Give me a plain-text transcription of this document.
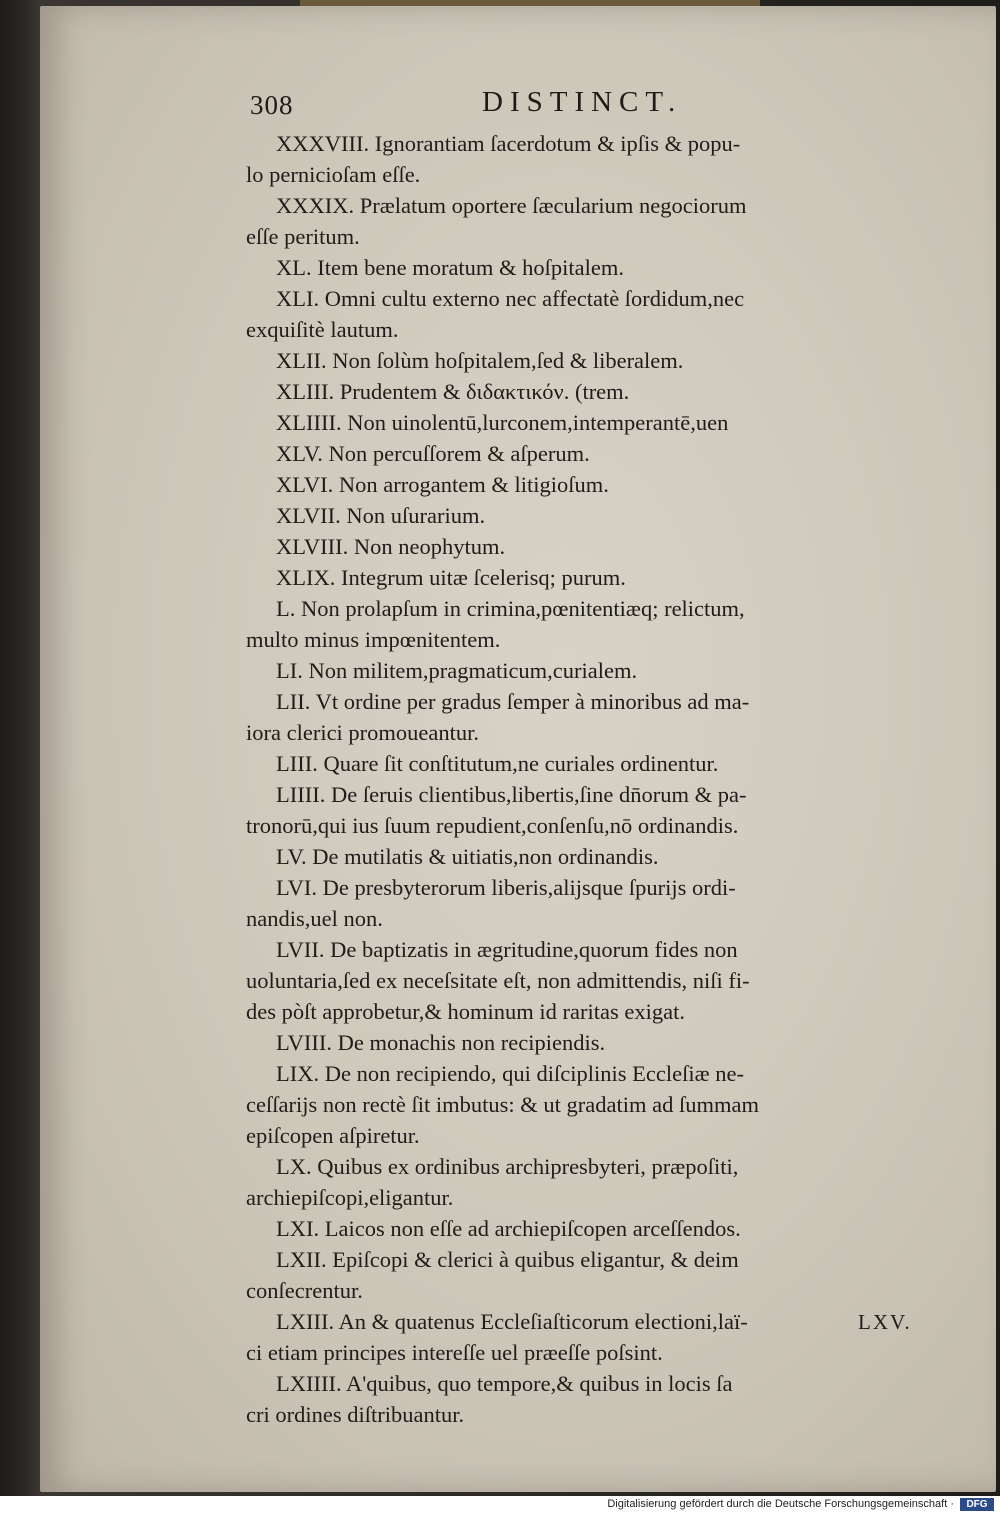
308	DISTINCT.
XXXVIII. Ignorantiam ſacerdotum & ipſis & popu-
lo pernicioſam eſſe.
XXXIX. Prælatum oportere ſæcularium negociorum
eſſe peritum.
XL. Item bene moratum & hoſpitalem.
XLI. Omni cultu externo nec affectatè ſordidum,nec
exquiſitè lautum.
XLII. Non ſolùm hoſpitalem,ſed & liberalem.
XLIII. Prudentem & διδακτικόν. (trem.
XLIIII. Non uinolentū,lurconem,intemperantē,uen
XLV. Non percuſſorem & aſperum.
XLVI. Non arrogantem & litigioſum.
XLVII. Non uſurarium.
XLVIII. Non neophytum.
XLIX. Integrum uitæ ſcelerisq; purum.
L. Non prolapſum in crimina,pœnitentiæq; relictum,
multo minus impœnitentem.
LI. Non militem,pragmaticum,curialem.
LII. Vt ordine per gradus ſemper à minoribus ad ma-
iora clerici promoueantur.
LIII. Quare ſit conſtitutum,ne curiales ordinentur.
LIIII. De ſeruis clientibus,libertis,ſine dn̄orum & pa-
tronorū,qui ius ſuum repudient,conſenſu,nō ordinandis.
LV. De mutilatis & uitiatis,non ordinandis.
LVI. De presbyterorum liberis,alijsque ſpurijs ordi-
nandis,uel non.
LVII. De baptizatis in ægritudine,quorum fides non
uoluntaria,ſed ex neceſsitate eſt, non admittendis, niſi fi-
des pòſt approbetur,& hominum id raritas exigat.
LVIII. De monachis non recipiendis.
LIX. De non recipiendo, qui diſciplinis Eccleſiæ ne-
ceſſarijs non rectè ſit imbutus: & ut gradatim ad ſummam
epiſcopen aſpiretur.
LX. Quibus ex ordinibus archipresbyteri, præpoſiti,
archiepiſcopi,eligantur.
LXI. Laicos non eſſe ad archiepiſcopen arceſſendos.
LXII. Epiſcopi & clerici à quibus eligantur, & deim
conſecrentur.
LXIII. An & quatenus Eccleſiaſticorum electioni,laï-
ci etiam principes intereſſe uel præeſſe poſsint.
LXIIII. A'quibus, quo tempore,& quibus in locis ſa
cri ordines diſtribuantur.
LXV.
Digitalisierung gefördert durch die Deutsche Forschungsgemeinschaft ·	DFG
